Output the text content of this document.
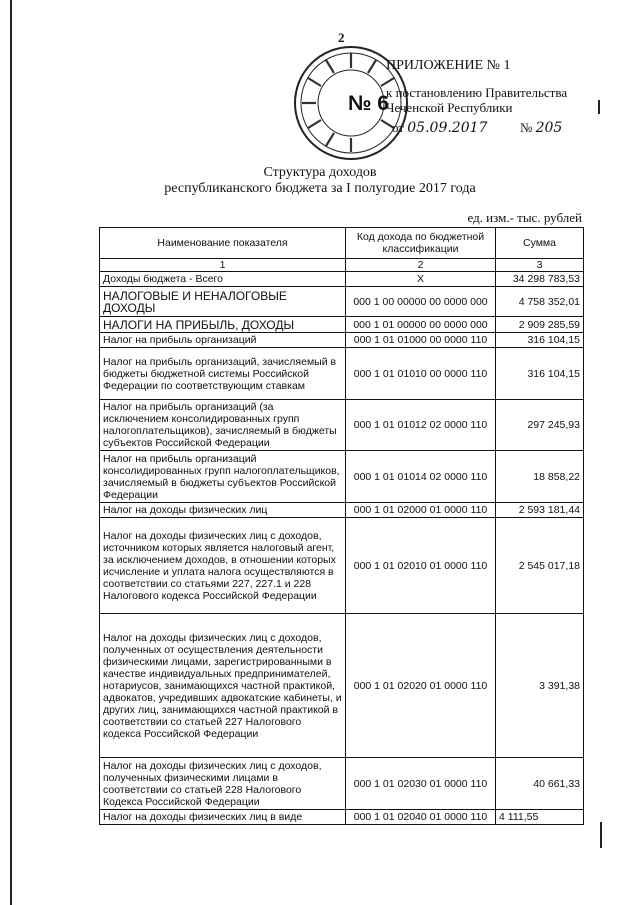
2
№ 6
ПРИЛОЖЕНИЕ № 1
к постановлению Правительства
Чеченской Республики
от 05.09.2017	№ 205
Структура доходов
республиканского бюджета за I полугодие 2017 года
ед. изм.- тыс. рублей
Наименование показателя	Код дохода по бюджетной классификации	Сумма
1	2	3
Доходы бюджета - Всего	X	34 298 783,53
НАЛОГОВЫЕ И НЕНАЛОГОВЫЕ ДОХОДЫ	000 1 00 00000 00 0000 000	4 758 352,01
НАЛОГИ НА ПРИБЫЛЬ, ДОХОДЫ	000 1 01 00000 00 0000 000	2 909 285,59
Налог на прибыль организаций	000 1 01 01000 00 0000 110	316 104,15
Налог на прибыль организаций, зачисляемый в бюджеты бюджетной системы Российской Федерации по соответствующим ставкам	000 1 01 01010 00 0000 110	316 104,15
Налог на прибыль организаций (за исключением консолидированных групп налогоплательщиков), зачисляемый в бюджеты субъектов Российской Федерации	000 1 01 01012 02 0000 110	297 245,93
Налог на прибыль организаций консолидированных групп налогоплательщиков, зачисляемый в бюджеты субъектов Российской Федерации	000 1 01 01014 02 0000 110	18 858,22
Налог на доходы физических лиц	000 1 01 02000 01 0000 110	2 593 181,44
Налог на доходы физических лиц с доходов, источником которых является налоговый агент, за исключением доходов, в отношении которых исчисление и уплата налога осуществляются в соответствии со статьями 227, 227.1 и 228 Налогового кодекса Российской Федерации	000 1 01 02010 01 0000 110	2 545 017,18
Налог на доходы физических лиц с доходов, полученных от осуществления деятельности физическими лицами, зарегистрированными в качестве индивидуальных предпринимателей, нотариусов, занимающихся частной практикой, адвокатов, учредивших адвокатские кабинеты, и других лиц, занимающихся частной практикой в соответствии со статьей 227 Налогового кодекса Российской Федерации	000 1 01 02020 01 0000 110	3 391,38
Налог на доходы физических лиц с доходов, полученных физическими лицами в соответствии со статьей 228 Налогового Кодекса Российской Федерации	000 1 01 02030 01 0000 110	40 661,33
Налог на доходы физических лиц в виде	000 1 01 02040 01 0000 110	4 111,55
